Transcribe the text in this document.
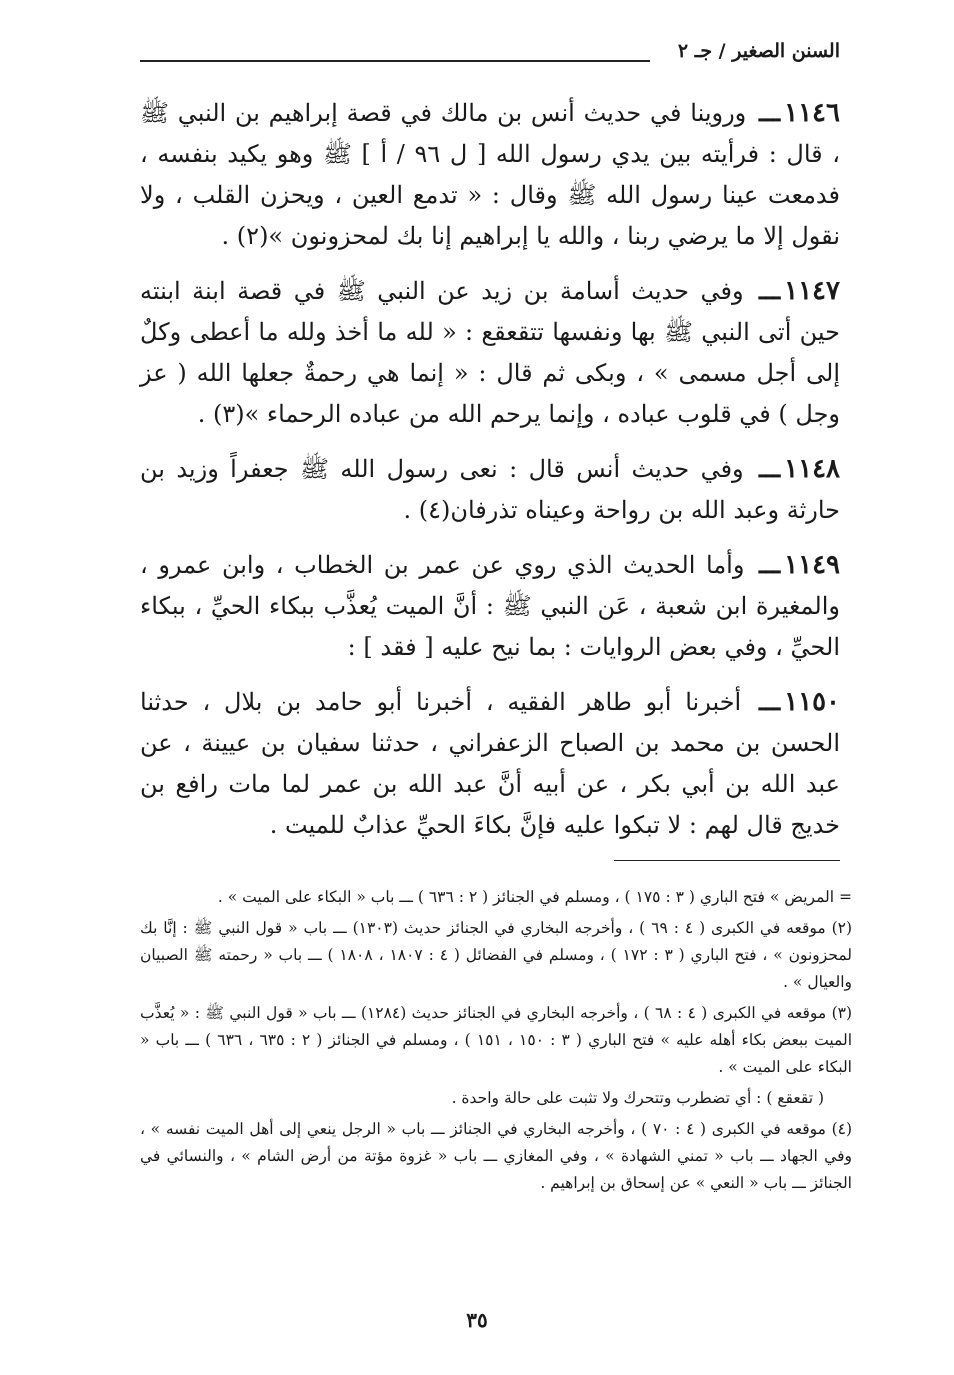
السنن الصغير / جـ ٢

١١٤٦ـــ وروينا في حديث أنس بن مالك في قصة إبراهيم بن النبي ﷺ ، قال : فرأيته بين يدي رسول الله [ ل ٩٦ / أ ] ﷺ وهو يكيد بنفسه ، فدمعت عينا رسول الله ﷺ وقال : « تدمع العين ، ويحزن القلب ، ولا نقول إلا ما يرضي ربنا ، والله يا إبراهيم إنا بك لمحزونون »(٢) .

١١٤٧ـــ وفي حديث أسامة بن زيد عن النبي ﷺ في قصة ابنة ابنته حين أتى النبي ﷺ بها ونفسها تتقعقع : « لله ما أخذ ولله ما أعطى وكلٌ إلى أجل مسمى » ، وبكى ثم قال : « إنما هي رحمةٌ جعلها الله ( عز وجل ) في قلوب عباده ، وإنما يرحم الله من عباده الرحماء »(٣) .

١١٤٨ـــ وفي حديث أنس قال : نعى رسول الله ﷺ جعفراً وزيد بن حارثة وعبد الله بن رواحة وعيناه تذرفان(٤) .

١١٤٩ـــ وأما الحديث الذي روي عن عمر بن الخطاب ، وابن عمرو ، والمغيرة ابن شعبة ، عَن النبي ﷺ : أنَّ الميت يُعذَّب ببكاء الحيِّ ، ببكاء الحيِّ ، وفي بعض الروايات : بما نيح عليه [ فقد ] :

١١٥٠ـــ أخبرنا أبو طاهر الفقيه ، أخبرنا أبو حامد بن بلال ، حدثنا الحسن بن محمد بن الصباح الزعفراني ، حدثنا سفيان بن عيينة ، عن عبد الله بن أبي بكر ، عن أبيه أنَّ عبد الله بن عمر لما مات رافع بن خديج قال لهم : لا تبكوا عليه فإنَّ بكاءَ الحيِّ عذابٌ للميت .

= المريض » فتح الباري ( ٣ : ١٧٥ ) ، ومسلم في الجنائز ( ٢ : ٦٣٦ ) ـــ باب « البكاء على الميت » .

(٢) موقعه في الكبرى ( ٤ : ٦٩ ) ، وأخرجه البخاري في الجنائز حديث (١٣٠٣) ـــ باب « قول النبي ﷺ : إنَّا بك لمحزونون » ، فتح الباري ( ٣ : ١٧٢ ) ، ومسلم في الفضائل ( ٤ : ١٨٠٧ ، ١٨٠٨ ) ـــ باب « رحمته ﷺ الصبيان والعيال » .

(٣) موقعه في الكبرى ( ٤ : ٦٨ ) ، وأخرجه البخاري في الجنائز حديث (١٢٨٤) ـــ باب « قول النبي ﷺ : « يُعذَّب الميت ببعض بكاء أهله عليه » فتح الباري ( ٣ : ١٥٠ ، ١٥١ ) ، ومسلم في الجنائز ( ٢ : ٦٣٥ ، ٦٣٦ ) ـــ باب « البكاء على الميت » .

( تقعقع ) : أي تضطرب وتتحرك ولا تثبت على حالة واحدة .

(٤) موقعه في الكبرى ( ٤ : ٧٠ ) ، وأخرجه البخاري في الجنائز ـــ باب « الرجل ينعي إلى أهل الميت نفسه » ، وفي الجهاد ـــ باب « تمني الشهادة » ، وفي المغازي ـــ باب « غزوة مؤتة من أرض الشام » ، والنسائي في الجنائز ـــ باب « النعي » عن إسحاق بن إبراهيم .

٣٥
